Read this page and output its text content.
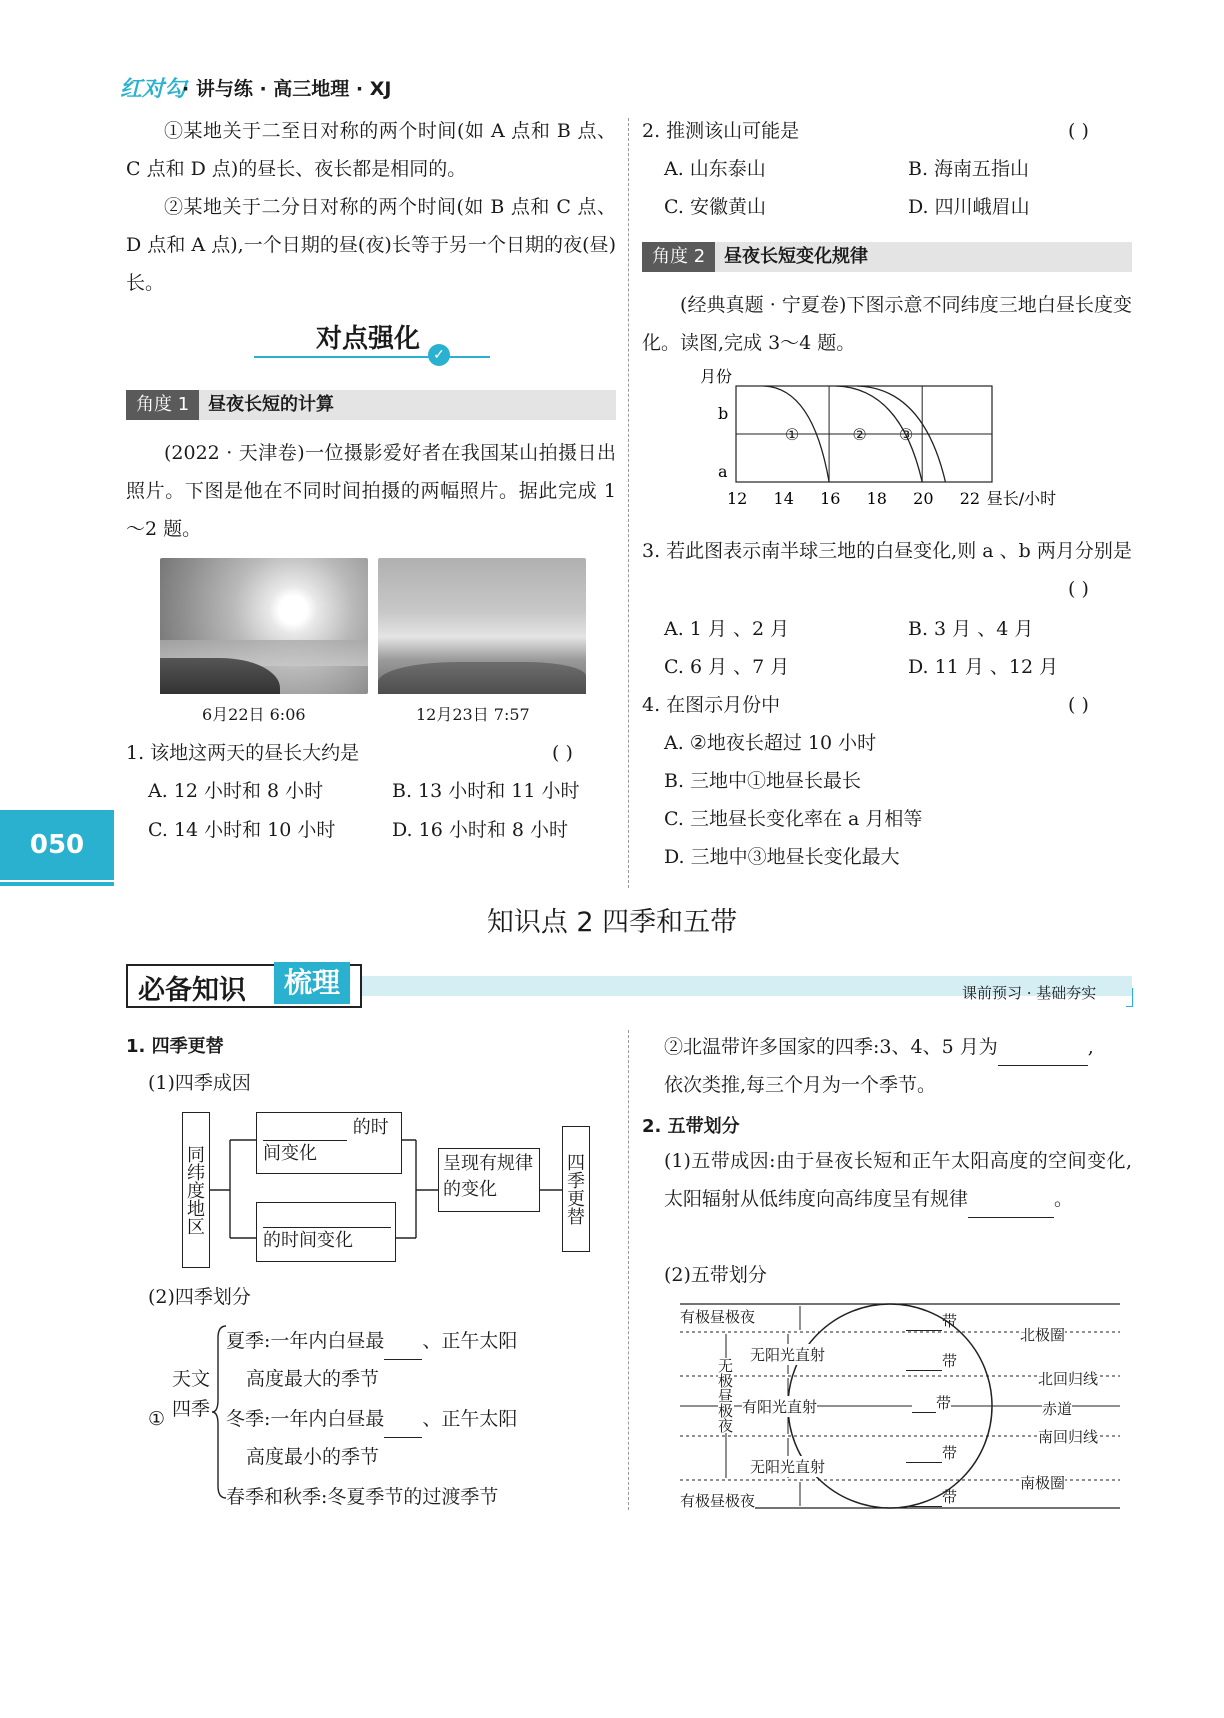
红对勾
· 讲与练 · 高三地理 · XJ
050

①某地关于二至日对称的两个时间(如 A 点和 B 点、C 点和 D 点)的昼长、夜长都是相同的。

②某地关于二分日对称的两个时间(如 B 点和 C 点、D 点和 A 点),一个日期的昼(夜)长等于另一个日期的夜(昼)长。

对点强化
✓
角度 1	昼夜长短的计算

(2022 · 天津卷)一位摄影爱好者在我国某山拍摄日出照片。下图是他在不同时间拍摄的两幅照片。据此完成 1～2 题。

6月22日 6:06	12月23日 7:57
1. 该地这两天的昼长大约是	( )
A. 12 小时和 8 小时	B. 13 小时和 11 小时
C. 14 小时和 10 小时	D. 16 小时和 8 小时
2. 推测该山可能是	( )
A. 山东泰山	B. 海南五指山
C. 安徽黄山	D. 四川峨眉山
角度 2	昼夜长短变化规律

(经典真题 · 宁夏卷)下图示意不同纬度三地白昼长度变化。读图,完成 3～4 题。

月份
b
a
12 14 16 18 20 22 昼长/小时
①	② ③

3. 若此图表示南半球三地的白昼变化,则 a 、b 两月分别是

( )
A. 1 月 、2 月	B. 3 月 、4 月
C. 6 月 、7 月	D. 11 月 、12 月
4. 在图示月份中	( )
A. ②地夜长超过 10 小时
B. 三地中①地昼长最长
C. 三地昼长变化率在 a 月相等
D. 三地中③地昼长变化最大
知识点 2 四季和五带
必备知识	梳理	课前预习 · 基础夯实
1. 四季更替
(1)四季成因
同纬度地区
的时间变化
的时间变化
呈现有规律的变化	四季更替
(2)四季划分
①
天文
四季
夏季:一年内白昼最 、正午太阳
高度最大的季节
冬季:一年内白昼最 、正午太阳
高度最小的季节
春季和秋季:冬夏季节的过渡季节
②北温带许多国家的四季:3、4、5 月为	,
依次类推,每三个月为一个季节。
2. 五带划分

(1)五带成因:由于昼夜长短和正午太阳高度的空间变化,太阳辐射从低纬度向高纬度呈有规律	。

(2)五带划分
有极昼极夜
无阳光直射
有阳光直射
无阳光直射
有极昼极夜
无极昼极夜
带
带
带
带
带
北极圈
北回归线
赤道
南回归线
南极圈
